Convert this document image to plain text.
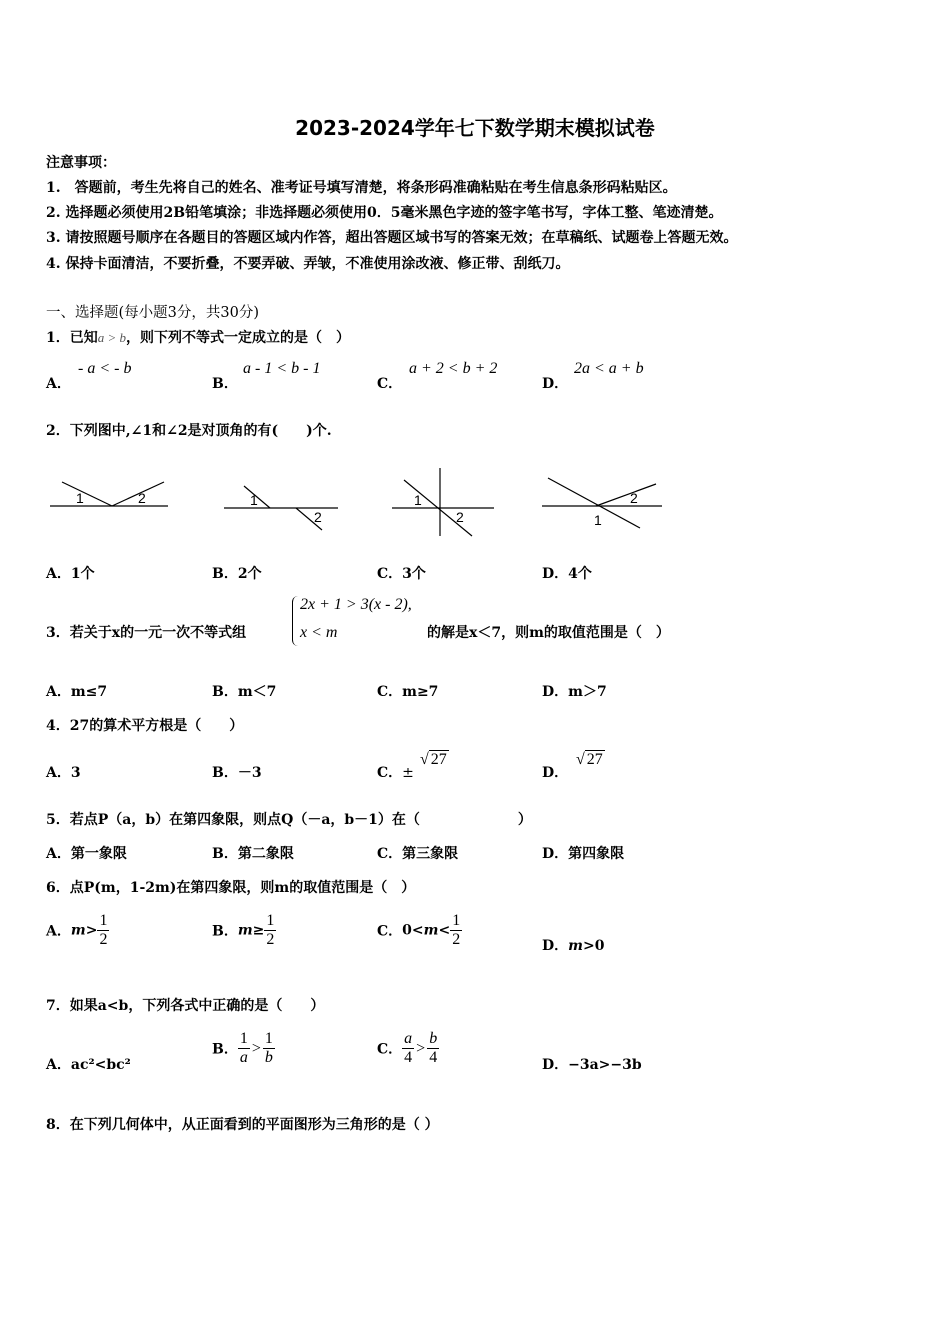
2023-2024学年七下数学期末模拟试卷
注意事项：
1.　答题前，考生先将自己的姓名、准考证号填写清楚，将条形码准确粘贴在考生信息条形码粘贴区。
2. 选择题必须使用2B铅笔填涂；非选择题必须使用0．5毫米黑色字迹的签字笔书写，字体工整、笔迹清楚。
3. 请按照题号顺序在各题目的答题区域内作答，超出答题区域书写的答案无效；在草稿纸、试题卷上答题无效。
4. 保持卡面清洁，不要折叠，不要弄破、弄皱，不准使用涂改液、修正带、刮纸刀。
一、选择题(每小题3分，共30分)
1．已知a > b，则下列不等式一定成立的是（　）
A．
- a < - b
B．
a - 1 < b - 1
C．
a + 2 < b + 2
D．
2a < a + b
2．下列图中,∠1和∠2是对顶角的有(　　)个.
1	2	1
2
1
2
2
1
A．1个	B．2个	C．3个	D．4个
3．若关于x的一元一次不等式组
2x + 1 > 3(x - 2),
x < m	的解是x＜7，则m的取值范围是（　）
A．m≤7	B．m＜7	C．m≥7	D．m＞7
4．27的算术平方根是（　　）
A．3	B．－3	C．±
√ 27
D．
√ 27
5．若点P（a，b）在第四象限，则点Q（－a，b－1）在（　　　　　　　）
A．第一象限	B．第二象限	C．第三象限	D．第四象限
6．点P(m，1-2m)在第四象限，则m的取值范围是（　）
A．$m> \frac{1}{2}$	B．$m\ge \frac{1}{2}$	C．$0<m< \frac{1}{2}$	D．m>0
7．如果a<b，下列各式中正确的是（　　）
A．ac²<bc²
B． $\frac{1}{a} > \frac{1}{b}$	C． $\frac{a}{4} > \frac{b}{4}$	D．−3a>−3b
8．在下列几何体中，从正面看到的平面图形为三角形的是（ ）
